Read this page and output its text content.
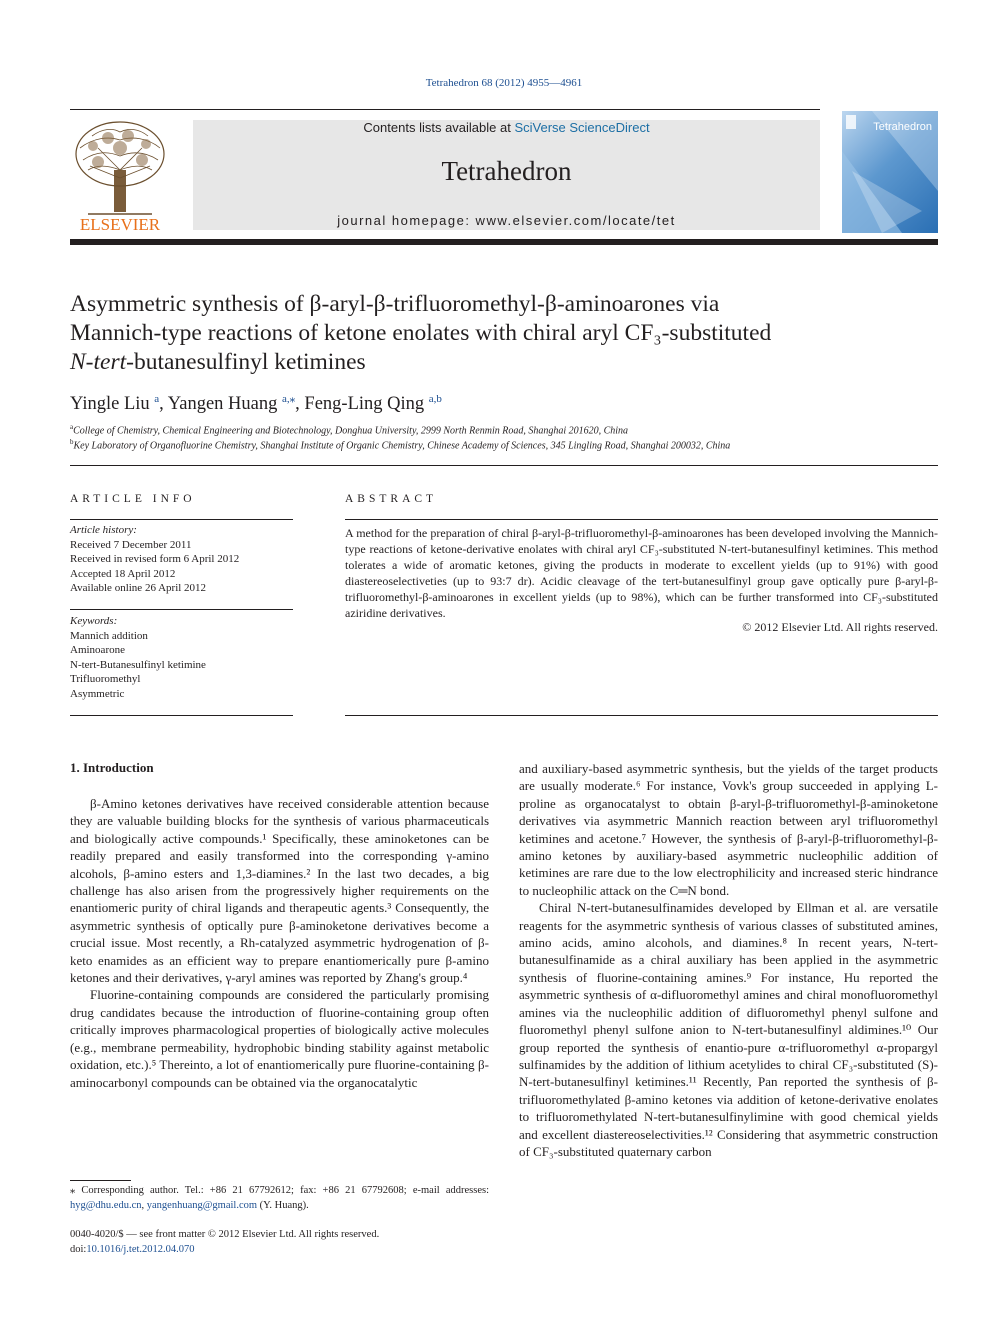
Tetrahedron 68 (2012) 4955—4961
ELSEVIER
Contents lists available at SciVerse ScienceDirect
Tetrahedron
journal homepage: www.elsevier.com/locate/tet
Tetrahedron
Asymmetric synthesis of β-aryl-β-trifluoromethyl-β-aminoarones via
Mannich-type reactions of ketone enolates with chiral aryl CF₃-substituted
N-tert-butanesulfinyl ketimines
Yingle Liu $^a$, Yangen Huang $^{a,⁎}$, Feng-Ling Qing $^{a,b}$
$^a$College of Chemistry, Chemical Engineering and Biotechnology, Donghua University, 2999 North Renmin Road, Shanghai 201620, China
$^b$Key Laboratory of Organofluorine Chemistry, Shanghai Institute of Organic Chemistry, Chinese Academy of Sciences, 345 Lingling Road, Shanghai 200032, China
ARTICLE INFO	ABSTRACT
Article history:
Received 7 December 2011
Received in revised form 6 April 2012
Accepted 18 April 2012
Available online 26 April 2012
Keywords:
Mannich addition
Aminoarone
N-tert-Butanesulfinyl ketimine
Trifluoromethyl
Asymmetric
A method for the preparation of chiral β-aryl-β-trifluoromethyl-β-aminoarones has been developed involving the Mannich-type reactions of ketone-derivative enolates with chiral aryl CF₃-substituted N-tert-butanesulfinyl ketimines. This method tolerates a wide of aromatic ketones, giving the products in moderate to excellent yields (up to 91%) with good diastereoselectiveties (up to 93:7 dr). Acidic cleavage of the tert-butanesulfinyl group gave optically pure β-aryl-β-trifluoromethyl-β-aminoarones in excellent yields (up to 98%), which can be further transformed into CF₃-substituted aziridine derivatives.
© 2012 Elsevier Ltd. All rights reserved.
1. Introduction

β-Amino ketones derivatives have received considerable attention because they are valuable building blocks for the synthesis of various pharmaceuticals and biologically active compounds.¹ Specifically, these aminoketones can be readily prepared and easily transformed into the corresponding γ-amino alcohols, β-amino esters and 1,3-diamines.² In the last two decades, a big challenge has also arisen from the progressively higher requirements on the enantiomeric purity of chiral ligands and therapeutic agents.³ Consequently, the asymmetric synthesis of optically pure β-aminoketone derivatives become a crucial issue. Most recently, a Rh-catalyzed asymmetric hydrogenation of β-keto enamides as an efficient way to prepare enantiomerically pure β-amino ketones and their derivatives, γ-aryl amines was reported by Zhang's group.⁴

Fluorine-containing compounds are considered the particularly promising drug candidates because the introduction of fluorine-containing group often critically improves pharmacological properties of biologically active molecules (e.g., membrane permeability, hydrophobic binding stability against metabolic oxidation, etc.).⁵ Thereinto, a lot of enantiomerically pure fluorine-containing β-aminocarbonyl compounds can be obtained via the organocatalytic

and auxiliary-based asymmetric synthesis, but the yields of the target products are usually moderate.⁶ For instance, Vovk's group succeeded in applying L-proline as organocatalyst to obtain β-aryl-β-trifluoromethyl-β-aminoketone derivatives via asymmetric Mannich reaction between aryl trifluoromethyl ketimines and acetone.⁷ However, the synthesis of β-aryl-β-trifluoromethyl-β-amino ketones by auxiliary-based asymmetric nucleophilic addition of ketimines are rare due to the low electrophilicity and increased steric hindrance to nucleophilic attack on the C═N bond.

Chiral N-tert-butanesulfinamides developed by Ellman et al. are versatile reagents for the asymmetric synthesis of various classes of substituted amines, amino acids, amino alcohols, and diamines.⁸ In recent years, N-tert-butanesulfinamide as a chiral auxiliary has been applied in the asymmetric synthesis of fluorine-containing amines.⁹ For instance, Hu reported the asymmetric synthesis of α-difluoromethyl amines and chiral monofluoromethyl amines via the nucleophilic addition of difluoromethyl phenyl sulfone and fluoromethyl phenyl sulfone anion to N-tert-butanesulfinyl aldimines.¹⁰ Our group reported the synthesis of enantio-pure α-trifluoromethyl α-propargyl sulfinamides by the addition of lithium acetylides to chiral CF₃-substituted (S)-N-tert-butanesulfinyl ketimines.¹¹ Recently, Pan reported the synthesis of β-trifluoromethylated β-amino ketones via addition of ketone-derivative enolates to trifluoromethylated N-tert-butanesulfinylimine with good chemical yields and excellent diastereoselectivities.¹² Considering that asymmetric construction of CF₃-substituted quaternary carbon

⁎ Corresponding author. Tel.: +86 21 67792612; fax: +86 21 67792608; e-mail addresses: hyg@dhu.edu.cn, yangenhuang@gmail.com (Y. Huang).
0040-4020/$ — see front matter © 2012 Elsevier Ltd. All rights reserved.
doi:10.1016/j.tet.2012.04.070
